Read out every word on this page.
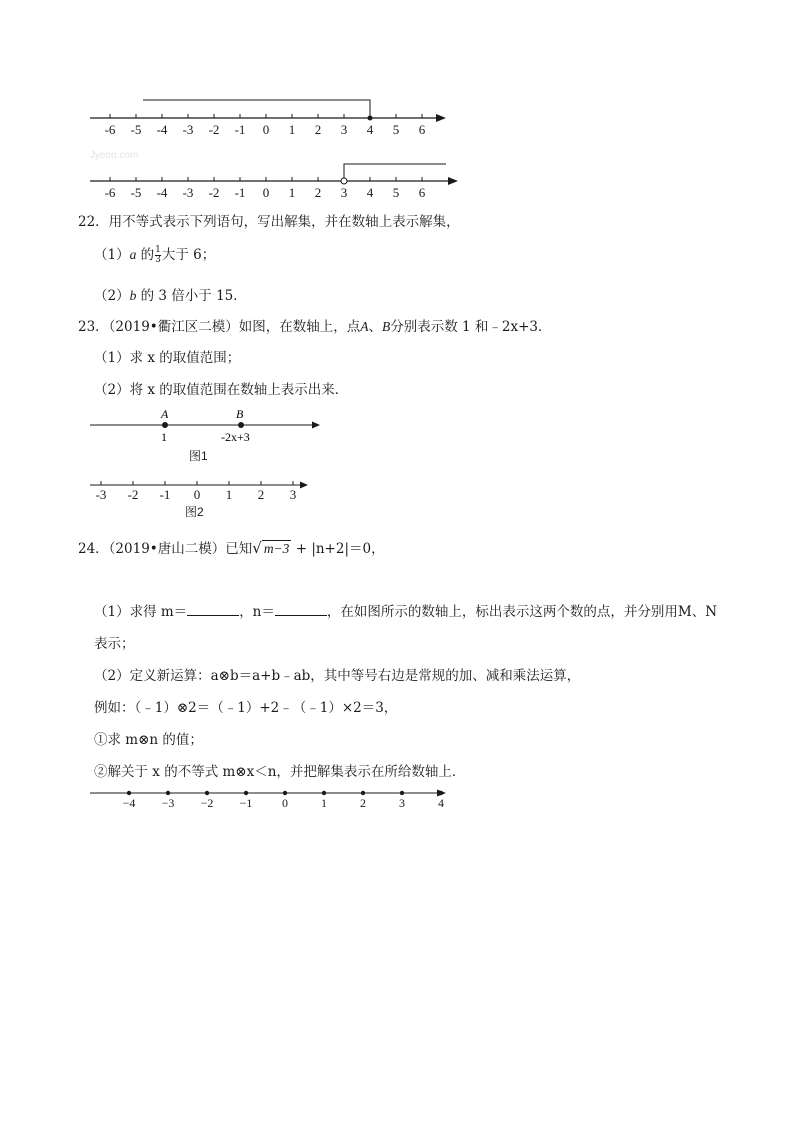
-6 -5 -4 -3 -2 -1 0 1 2 3 4 5 6
Jyeoo.com
-6 -5 -4 -3 -2 -1 0 1 2 3 4 5 6
22．用不等式表示下列语句，写出解集，并在数轴上表示解集，
（1）a 的 $\frac{1}{3}$ 大于 6；
（2）b 的 3 倍小于 15．
23．（2019•衢江区二模）如图，在数轴上，点A、B分别表示数 1 和﹣2x+3．
（1）求 x 的取值范围；
（2）将 x 的取值范围在数轴上表示出来．
A	B
1	-2x+3
图1
-3 -2 -1 0 1 2 3
图2
24．（2019•唐山二模）已知√ m−3 + |n+2|＝0，
（1）求得 m＝	，n＝	，在如图所示的数轴上，标出表示这两个数的点，并分别用M、N
表示；
（2）定义新运算：a⊗b＝a+b﹣ab，其中等号右边是常规的加、减和乘法运算，
例如：（﹣1）⊗2＝（﹣1）+2﹣（﹣1）×2＝3，
①求 m⊗n 的值；
②解关于 x 的不等式 m⊗x＜n，并把解集表示在所给数轴上．
−4 −3 −2 −1 0	1	2	3	4
